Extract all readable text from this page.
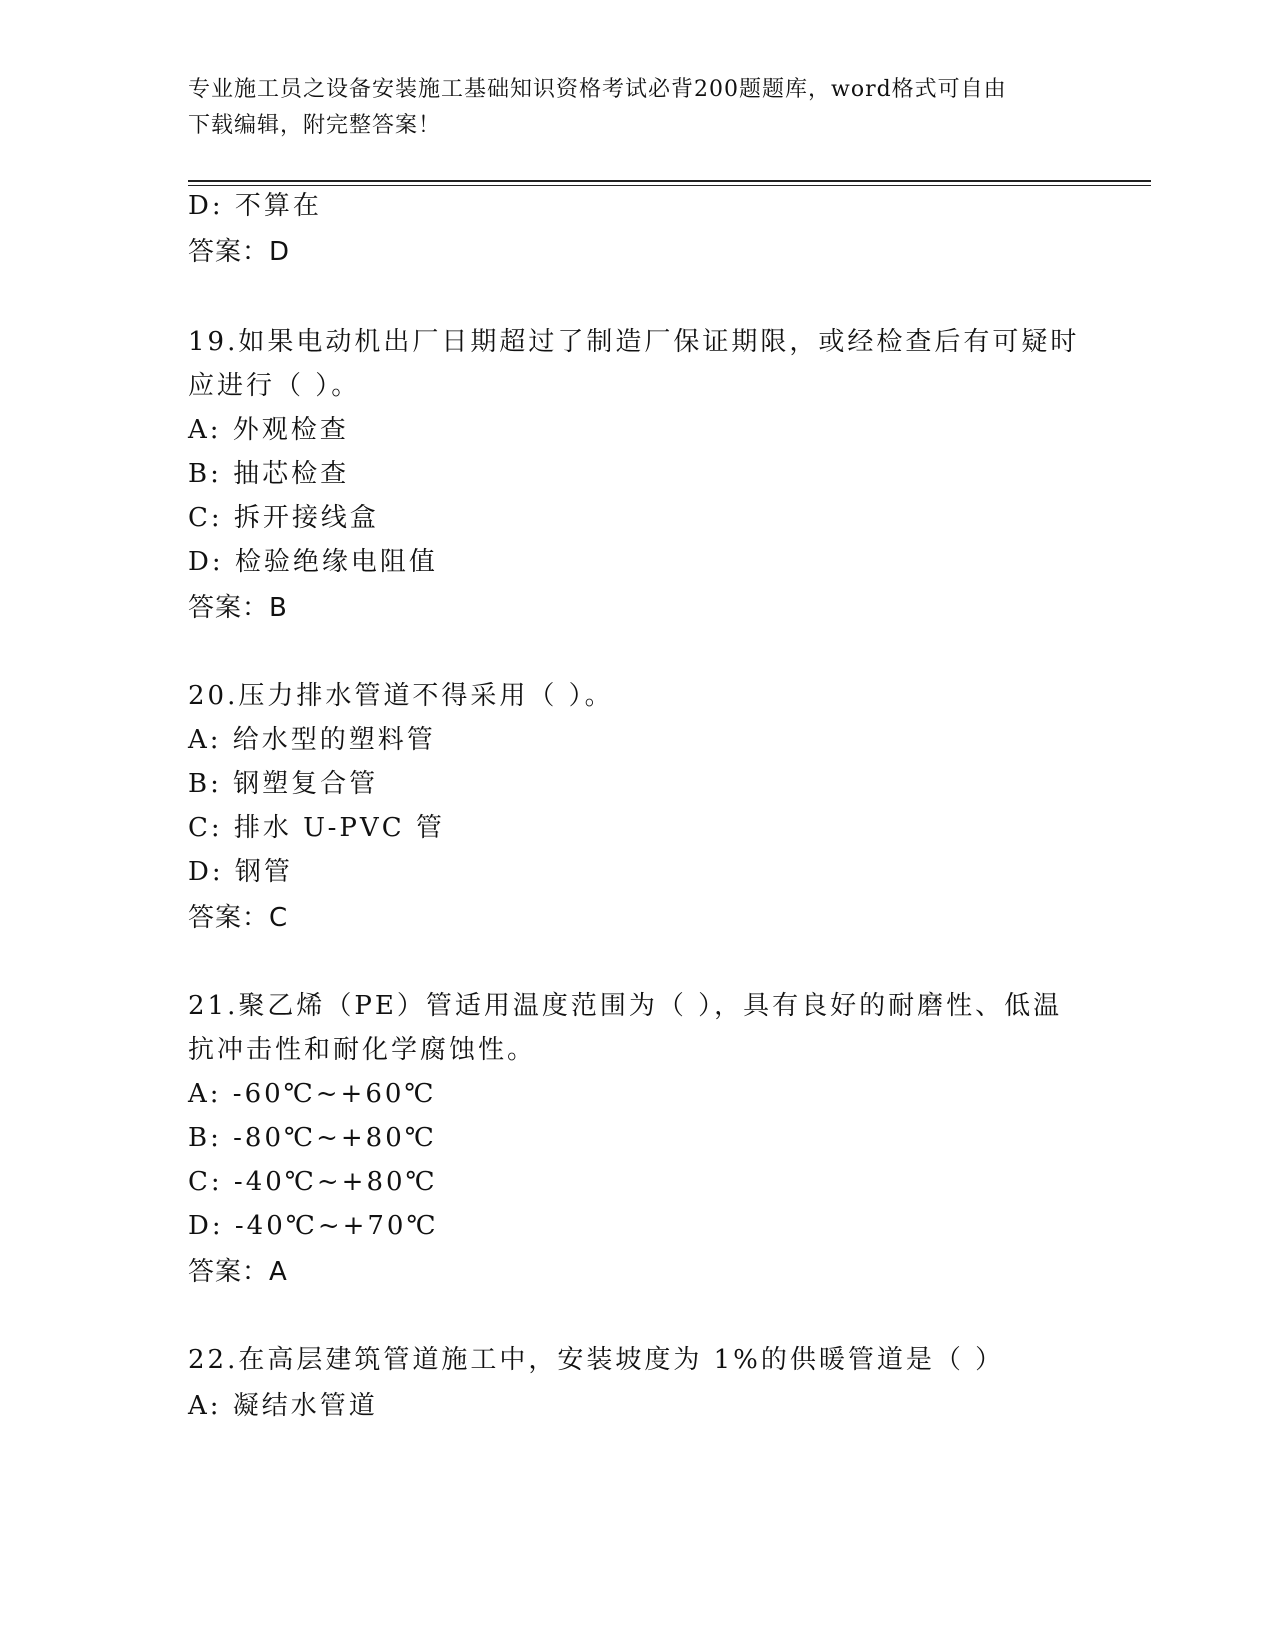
专业施工员之设备安装施工基础知识资格考试必背200题题库，word格式可自由
下载编辑，附完整答案！
D: 不算在
答案：D
19.如果电动机出厂日期超过了制造厂保证期限，或经检查后有可疑时
应进行（ ）。
A: 外观检查
B: 抽芯检查
C: 拆开接线盒
D: 检验绝缘电阻值
答案：B
20.压力排水管道不得采用（ ）。
A: 给水型的塑料管
B: 钢塑复合管
C: 排水 U-PVC 管
D: 钢管
答案：C
21.聚乙烯（PE）管适用温度范围为（ ），具有良好的耐磨性、低温
抗冲击性和耐化学腐蚀性。
A: -60℃~+60℃
B: -80℃~+80℃
C: -40℃~+80℃
D: -40℃~+70℃
答案：A
22.在高层建筑管道施工中，安装坡度为 1%的供暖管道是（ ）
A: 凝结水管道
